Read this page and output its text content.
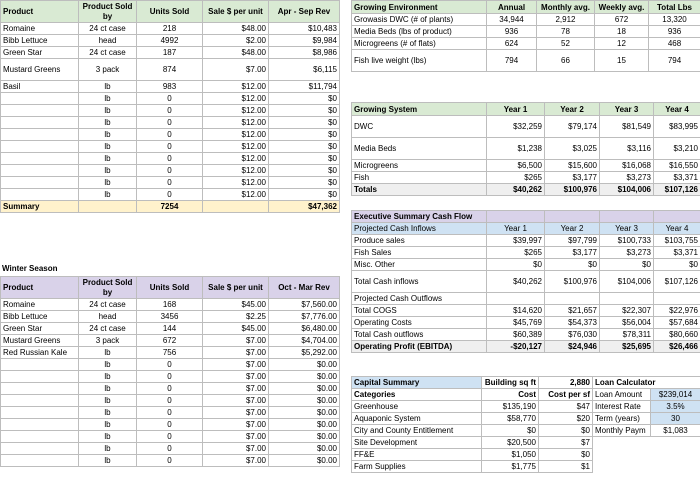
Product	Product Sold by	Units Sold	Sale $ per unit	Apr - Sep Rev
Romaine	24 ct case	218	$48.00	$10,483
Bibb Lettuce	head	4992	$2.00	$9,984
Green Star	24 ct case	187	$48.00	$8,986
Mustard Greens	3 pack	874	$7.00	$6,115
Basil	lb	983	$12.00	$11,794
	lb	0	$12.00	$0
	lb	0	$12.00	$0
	lb	0	$12.00	$0
	lb	0	$12.00	$0
	lb	0	$12.00	$0
	lb	0	$12.00	$0
	lb	0	$12.00	$0
	lb	0	$12.00	$0
	lb	0	$12.00	$0
Summary		7254		$47,362
Winter Season
Product	Product Sold by	Units Sold	Sale $ per unit	Oct - Mar Rev
Romaine	24 ct case	168	$45.00	$7,560.00
Bibb Lettuce	head	3456	$2.25	$7,776.00
Green Star	24 ct case	144	$45.00	$6,480.00
Mustard Greens	3 pack	672	$7.00	$4,704.00
Red Russian Kale	lb	756	$7.00	$5,292.00
	lb	0	$7.00	$0.00
	lb	0	$7.00	$0.00
	lb	0	$7.00	$0.00
	lb	0	$7.00	$0.00
	lb	0	$7.00	$0.00
	lb	0	$7.00	$0.00
	lb	0	$7.00	$0.00
	lb	0	$7.00	$0.00
	lb	0	$7.00	$0.00
Growing Environment	Annual	Monthly avg.	Weekly avg.	Total Lbs
Growasis DWC (# of plants)	34,944	2,912	672	13,320
Media Beds (lbs of product)	936	78	18	936
Microgreens (# of flats)	624	52	12	468
Fish live weight (lbs)	794	66	15	794
Growing System	Year 1	Year 2	Year 3	Year 4
DWC	$32,259	$79,174	$81,549	$83,995
Media Beds	$1,238	$3,025	$3,116	$3,210
Microgreens	$6,500	$15,600	$16,068	$16,550
Fish	$265	$3,177	$3,273	$3,371
Totals	$40,262	$100,976	$104,006	$107,126
Executive Summary Cash Flow				
Projected Cash Inflows	Year 1	Year 2	Year 3	Year 4
Produce sales	$39,997	$97,799	$100,733	$103,755
Fish Sales	$265	$3,177	$3,273	$3,371
Misc. Other	$0	$0	$0	$0
Total Cash inflows	$40,262	$100,976	$104,006	$107,126
Projected Cash Outflows				
Total COGS	$14,620	$21,657	$22,307	$22,976
Operating Costs	$45,769	$54,373	$56,004	$57,684
Total Cash outflows	$60,389	$76,030	$78,311	$80,660
Operating Profit (EBITDA)	-$20,127	$24,946	$25,695	$26,466
Capital Summary	Building sq ft	2,880
Categories	Cost	Cost per sf
Greenhouse	$135,190	$47
Aquaponic System	$58,770	$20
City and County Entitlement	$0	$0
Site Development	$20,500	$7
FF&E	$1,050	$0
Farm Supplies	$1,775	$1
Loan Calculator	
Loan Amount	$239,014
Interest Rate	3.5%
Term (years)	30
Monthly Paym	$1,083
